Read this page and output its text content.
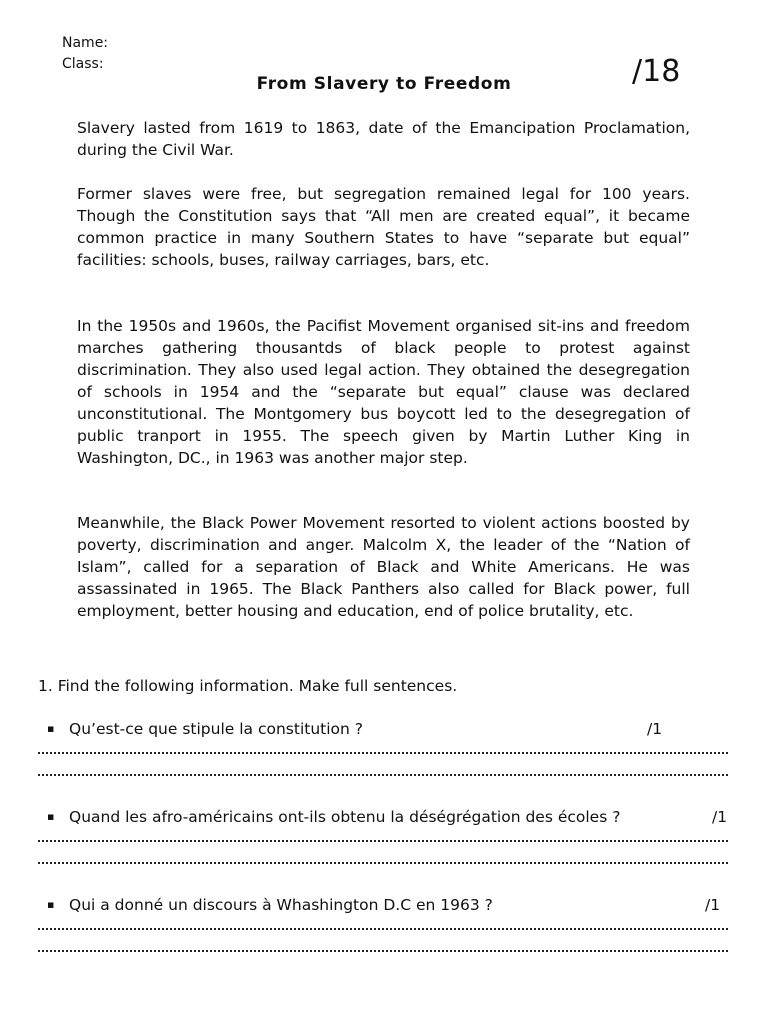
Name:
Class:
From Slavery to Freedom	/18

Slavery lasted from 1619 to 1863, date of the Emancipation Proclamation, during the Civil War.

Former slaves were free, but segregation remained legal for 100 years. Though the Constitution says that “All men are created equal”, it became common practice in many Southern States to have “separate but equal” facilities: schools, buses, railway carriages, bars, etc.

In the 1950s and 1960s, the Pacifist Movement organised sit-ins and freedom marches gathering thousantds of black people to protest against discrimination. They also used legal action. They obtained the desegregation of schools in 1954 and the “separate but equal” clause was declared unconstitutional. The Montgomery bus boycott led to the desegregation of public tranport in 1955. The speech given by Martin Luther King in Washington, DC., in 1963 was another major step.

Meanwhile, the Black Power Movement resorted to violent actions boosted by poverty, discrimination and anger. Malcolm X, the leader of the “Nation of Islam”, called for a separation of Black and White Americans. He was assassinated in 1965. The Black Panthers also called for Black power, full employment, better housing and education, end of police brutality, etc.

1. Find the following information. Make full sentences.
▪ Qu’est-ce que stipule la constitution ?	/1
▪ Quand les afro-américains ont-ils obtenu la déségrégation des écoles ?	/1
▪ Qui a donné un discours à Whashington D.C en 1963 ?	/1
